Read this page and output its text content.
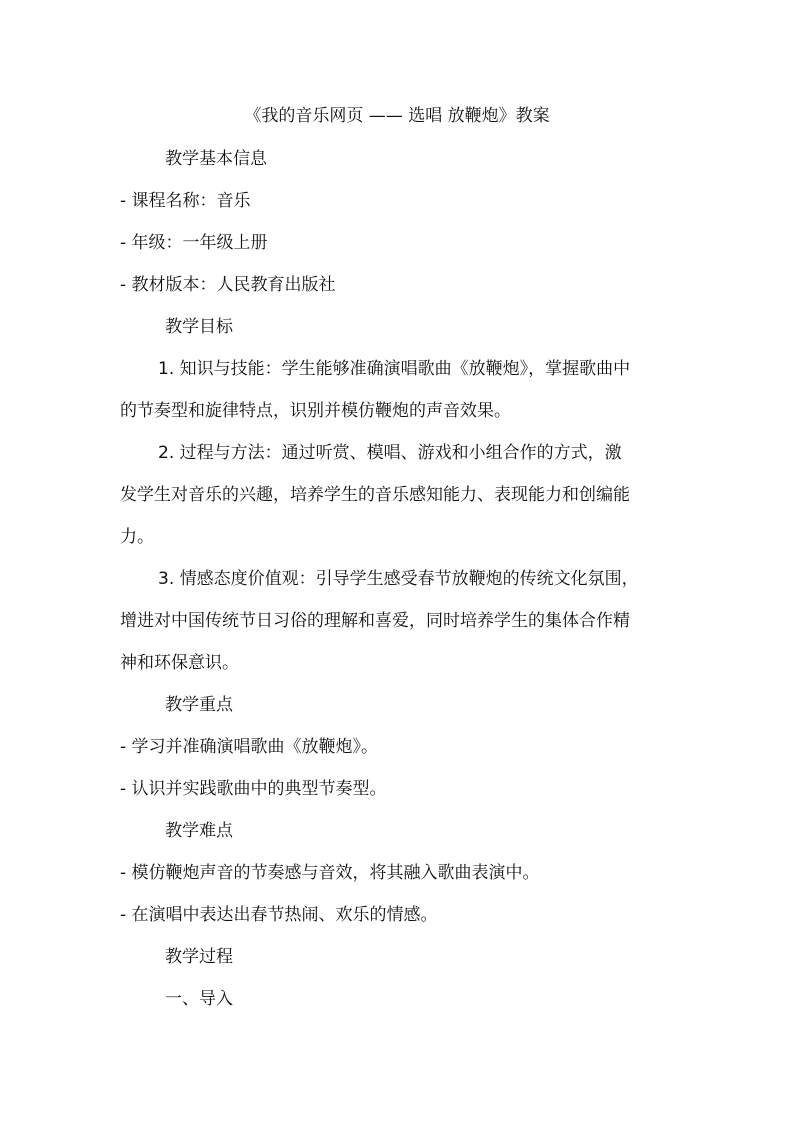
《我的音乐网页 —— 选唱 放鞭炮》教案
教学基本信息
- 课程名称：音乐
- 年级：一年级上册
- 教材版本：人民教育出版社
教学目标
1. 知识与技能：学生能够准确演唱歌曲《放鞭炮》，掌握歌曲中
的节奏型和旋律特点，识别并模仿鞭炮的声音效果。
2. 过程与方法：通过听赏、模唱、游戏和小组合作的方式，激
发学生对音乐的兴趣，培养学生的音乐感知能力、表现能力和创编能
力。
3. 情感态度价值观：引导学生感受春节放鞭炮的传统文化氛围，
增进对中国传统节日习俗的理解和喜爱，同时培养学生的集体合作精
神和环保意识。
教学重点
- 学习并准确演唱歌曲《放鞭炮》。
- 认识并实践歌曲中的典型节奏型。
教学难点
- 模仿鞭炮声音的节奏感与音效，将其融入歌曲表演中。
- 在演唱中表达出春节热闹、欢乐的情感。
教学过程
一、导入
